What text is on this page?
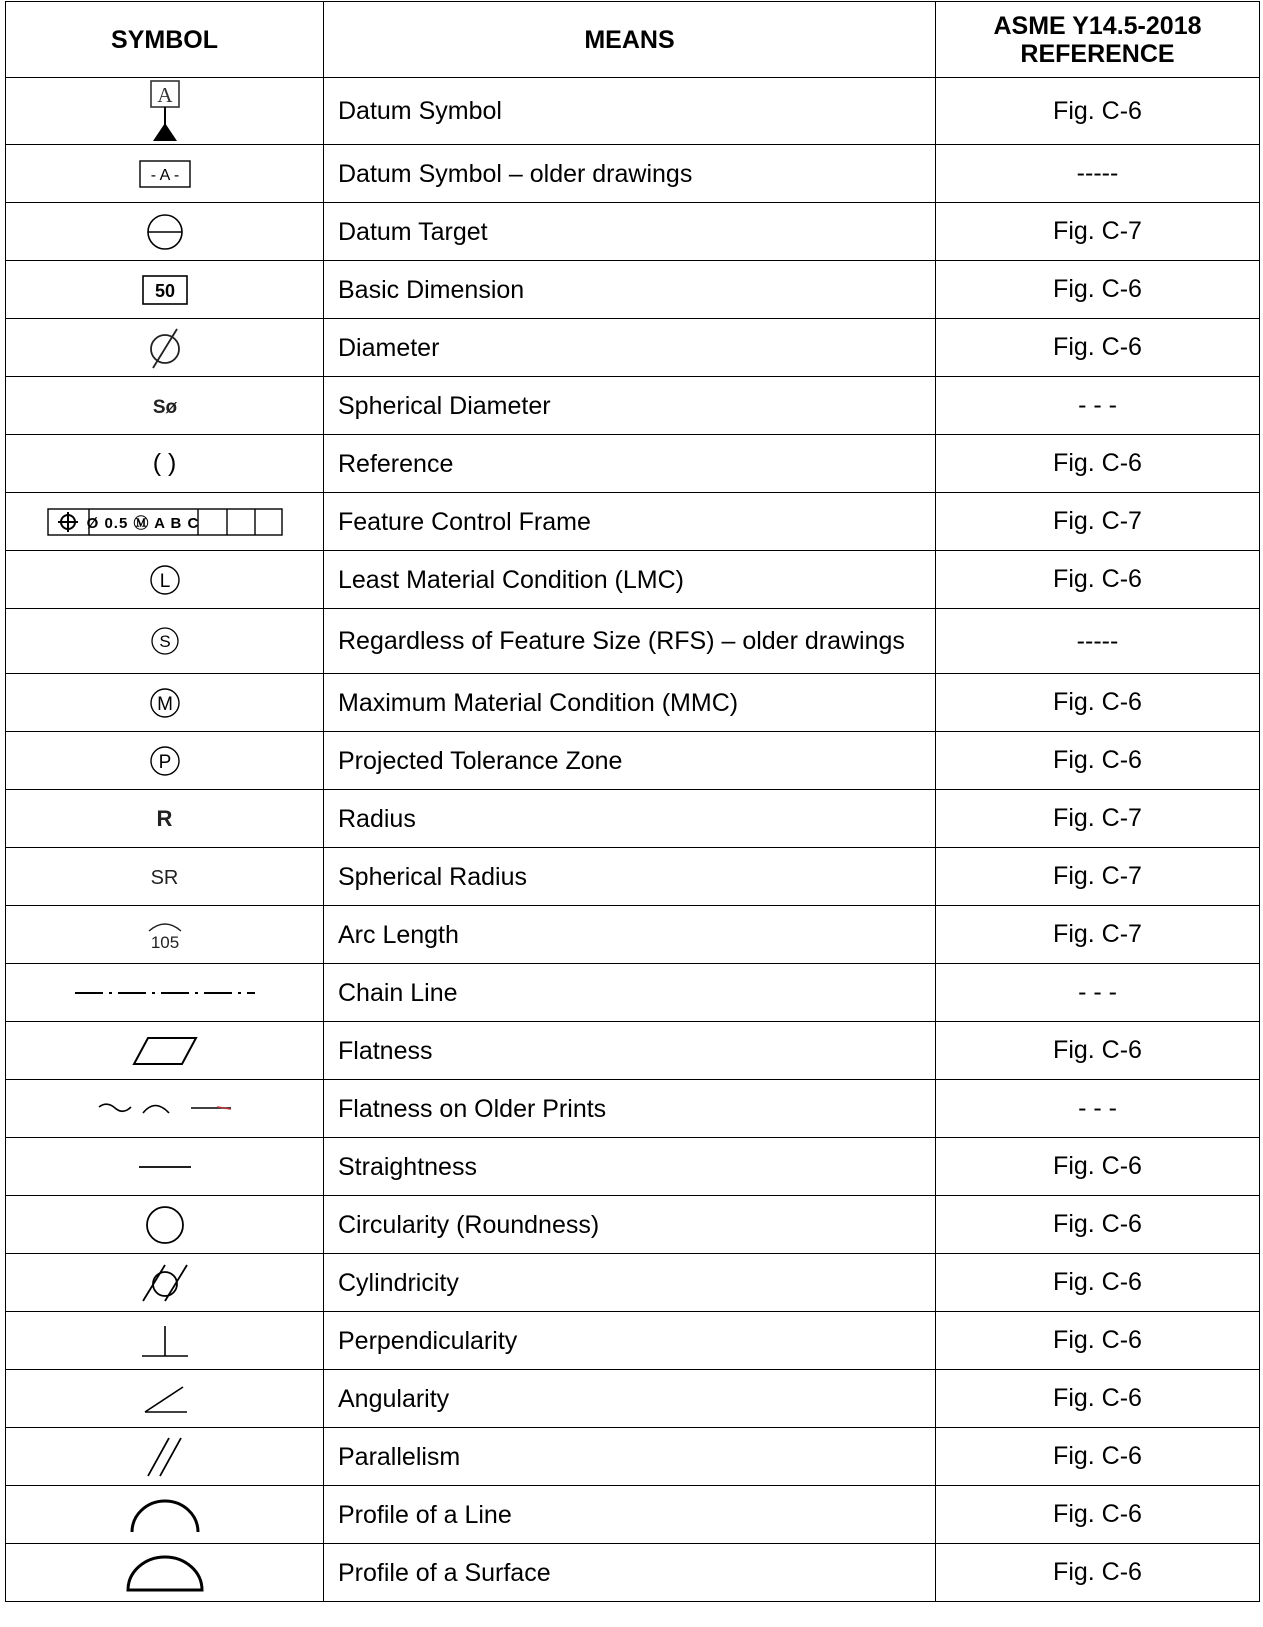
SYMBOL	MEANS	ASME Y14.5-2018
REFERENCE

A	Datum Symbol	Fig. C-6

- A -	Datum Symbol – older drawings	-----

	Datum Target	Fig. C-7

50	Basic Dimension	Fig. C-6

	Diameter	Fig. C-6

Sø	Spherical Diameter	- - -
( )	Reference	Fig. C-6

Ø 0.5 Ⓜ A B C	Feature Control Frame	Fig. C-7

L	Least Material Condition (LMC)	Fig. C-6

S	Regardless of Feature Size (RFS) – older drawings	-----

M	Maximum Material Condition (MMC)	Fig. C-6

P	Projected Tolerance Zone	Fig. C-6
R	Radius	Fig. C-7
SR	Spherical Radius	Fig. C-7

105	Arc Length	Fig. C-7

	Chain Line	- - -

	Flatness	Fig. C-6

	Flatness on Older Prints	- - -

	Straightness	Fig. C-6

	Circularity (Roundness)	Fig. C-6

	Cylindricity	Fig. C-6

	Perpendicularity	Fig. C-6

	Angularity	Fig. C-6

	Parallelism	Fig. C-6

	Profile of a Line	Fig. C-6

	Profile of a Surface	Fig. C-6
